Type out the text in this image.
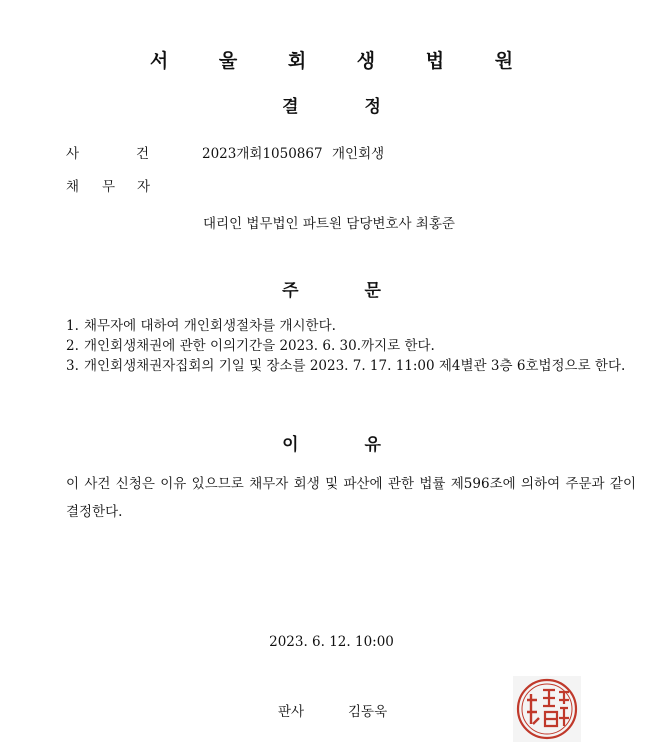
서 울 회 생 법 원
결 정
사	건	2023개회1050867 개인회생
채 무 자
대리인 법무법인 파트원 담당변호사 최홍준
주 문
1. 채무자에 대하여 개인회생절차를 개시한다.
2. 개인회생채권에 관한 이의기간을 2023. 6. 30.까지로 한다.
3. 개인회생채권자집회의 기일 및 장소를 2023. 7. 17. 11:00 제4별관 3층 6호법정으로 한다.
이 유
이 사건 신청은 이유 있으므로 채무자 회생 및 파산에 관한 법률 제596조에 의하여 주문과 같이 결정한다.
2023. 6. 12. 10:00
판사	김동욱
